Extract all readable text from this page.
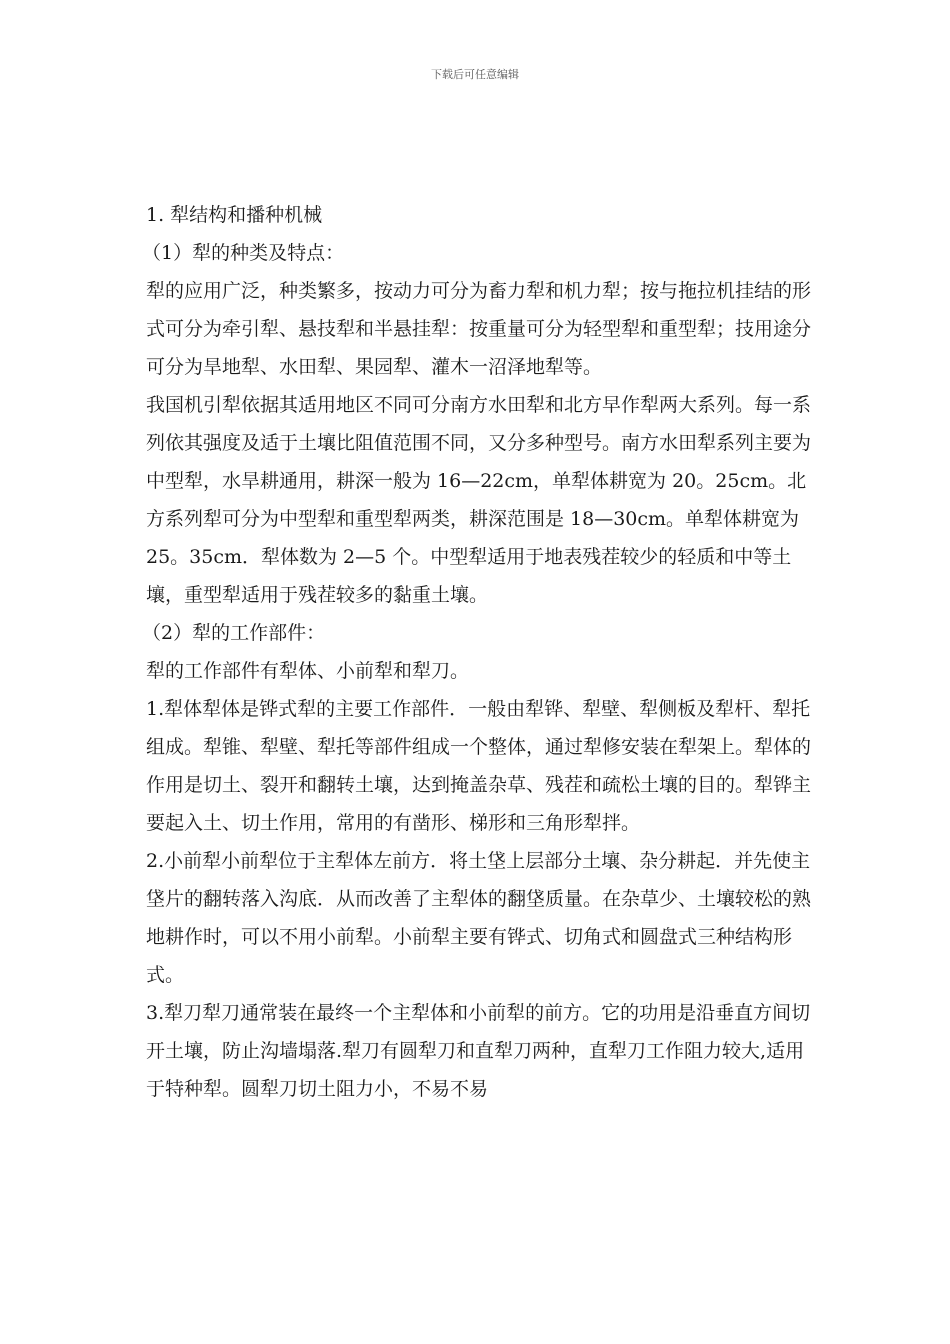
下载后可任意编辑

1. 犁结构和播种机械

（1）犁的种类及特点：

犁的应用广泛，种类繁多，按动力可分为畜力犁和机力犁；按与拖拉机挂结的形式可分为牵引犁、悬技犁和半悬挂犁：按重量可分为轻型犁和重型犁；技用途分可分为旱地犁、水田犁、果园犁、灌木一沼泽地犁等。

我国机引犁依据其适用地区不同可分南方水田犁和北方早作犁两大系列。每一系列依其强度及适于土壤比阻值范围不同，又分多种型号。南方水田犁系列主要为中型犁，水旱耕通用，耕深一般为 16—22cm，单犁体耕宽为 20。25cm。北方系列犁可分为中型犁和重型犁两类，耕深范围是 18—30cm。单犁体耕宽为 25。35cm．犁体数为 2—5 个。中型犁适用于地表残茬较少的轻质和中等土壤，重型犁适用于残茬较多的黏重土壤。

（2）犁的工作部件：

犁的工作部件有犁体、小前犁和犁刀。

1.犁体犁体是铧式犁的主要工作部件．一般由犁铧、犁壁、犁侧板及犁杆、犁托组成。犁锥、犁壁、犁托等部件组成一个整体，通过犁修安装在犁架上。犁体的作用是切土、裂开和翻转土壤，达到掩盖杂草、残茬和疏松土壤的目的。犁铧主要起入土、切土作用，常用的有凿形、梯形和三角形犁拌。

2.小前犁小前犁位于主犁体左前方．将土垡上层部分土壤、杂分耕起．并先使主垡片的翻转落入沟底．从而改善了主犁体的翻垡质量。在杂草少、土壤较松的熟地耕作时，可以不用小前犁。小前犁主要有铧式、切角式和圆盘式三种结构形式。

3.犁刀犁刀通常装在最终一个主犁体和小前犁的前方。它的功用是沿垂直方间切开土壤，防止沟墙塌落.犁刀有圆犁刀和直犁刀两种，直犁刀工作阻力较大,适用于特种犁。圆犁刀切土阻力小，不易不易
